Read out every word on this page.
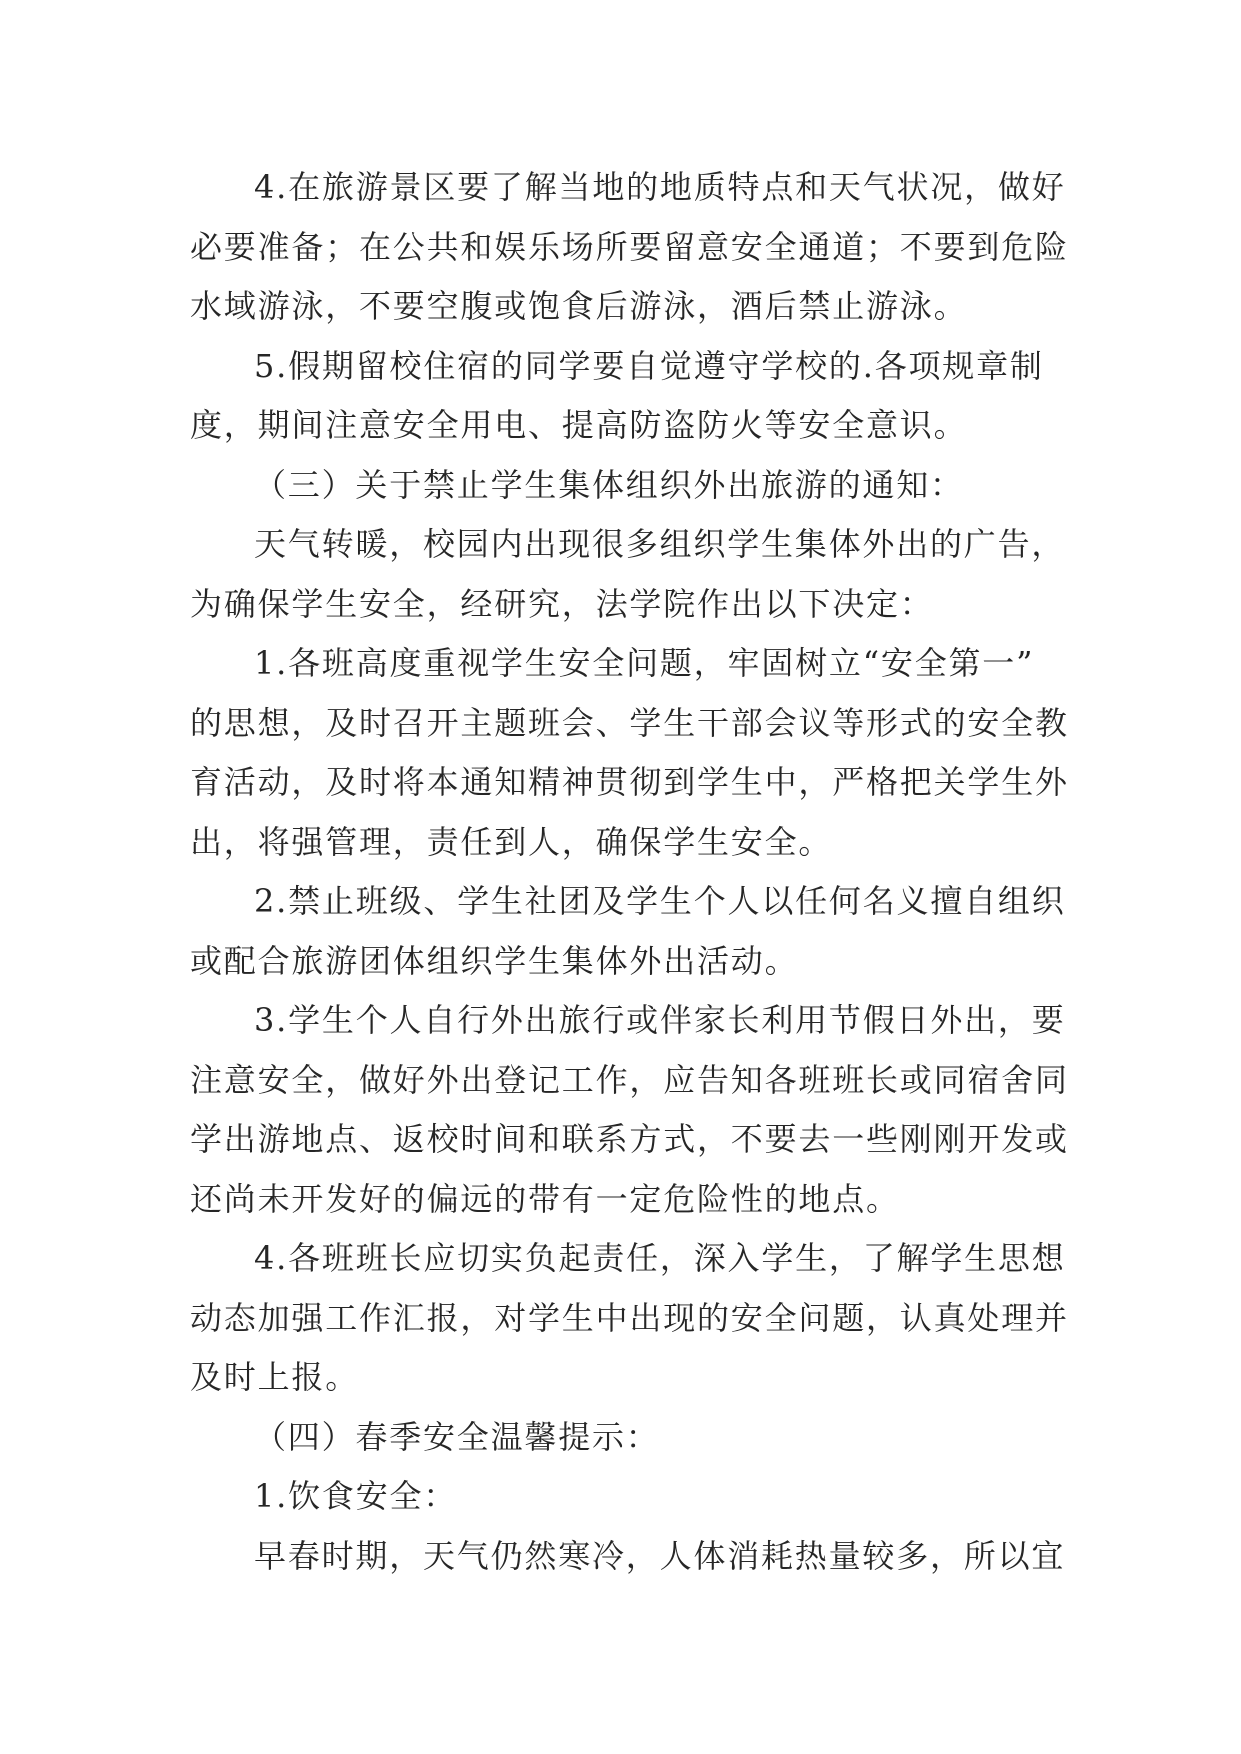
4.在旅游景区要了解当地的地质特点和天气状况，做好
必要准备；在公共和娱乐场所要留意安全通道；不要到危险
水域游泳，不要空腹或饱食后游泳，酒后禁止游泳。
5.假期留校住宿的同学要自觉遵守学校的.各项规章制
度，期间注意安全用电、提高防盗防火等安全意识。
（三）关于禁止学生集体组织外出旅游的通知：
天气转暖，校园内出现很多组织学生集体外出的广告，
为确保学生安全，经研究，法学院作出以下决定：
1.各班高度重视学生安全问题，牢固树立“安全第一”
的思想，及时召开主题班会、学生干部会议等形式的安全教
育活动，及时将本通知精神贯彻到学生中，严格把关学生外
出，将强管理，责任到人，确保学生安全。
2.禁止班级、学生社团及学生个人以任何名义擅自组织
或配合旅游团体组织学生集体外出活动。
3.学生个人自行外出旅行或伴家长利用节假日外出，要
注意安全，做好外出登记工作，应告知各班班长或同宿舍同
学出游地点、返校时间和联系方式，不要去一些刚刚开发或
还尚未开发好的偏远的带有一定危险性的地点。
4.各班班长应切实负起责任，深入学生，了解学生思想
动态加强工作汇报，对学生中出现的安全问题，认真处理并
及时上报。
（四）春季安全温馨提示：
1.饮食安全：
早春时期，天气仍然寒冷，人体消耗热量较多，所以宜
